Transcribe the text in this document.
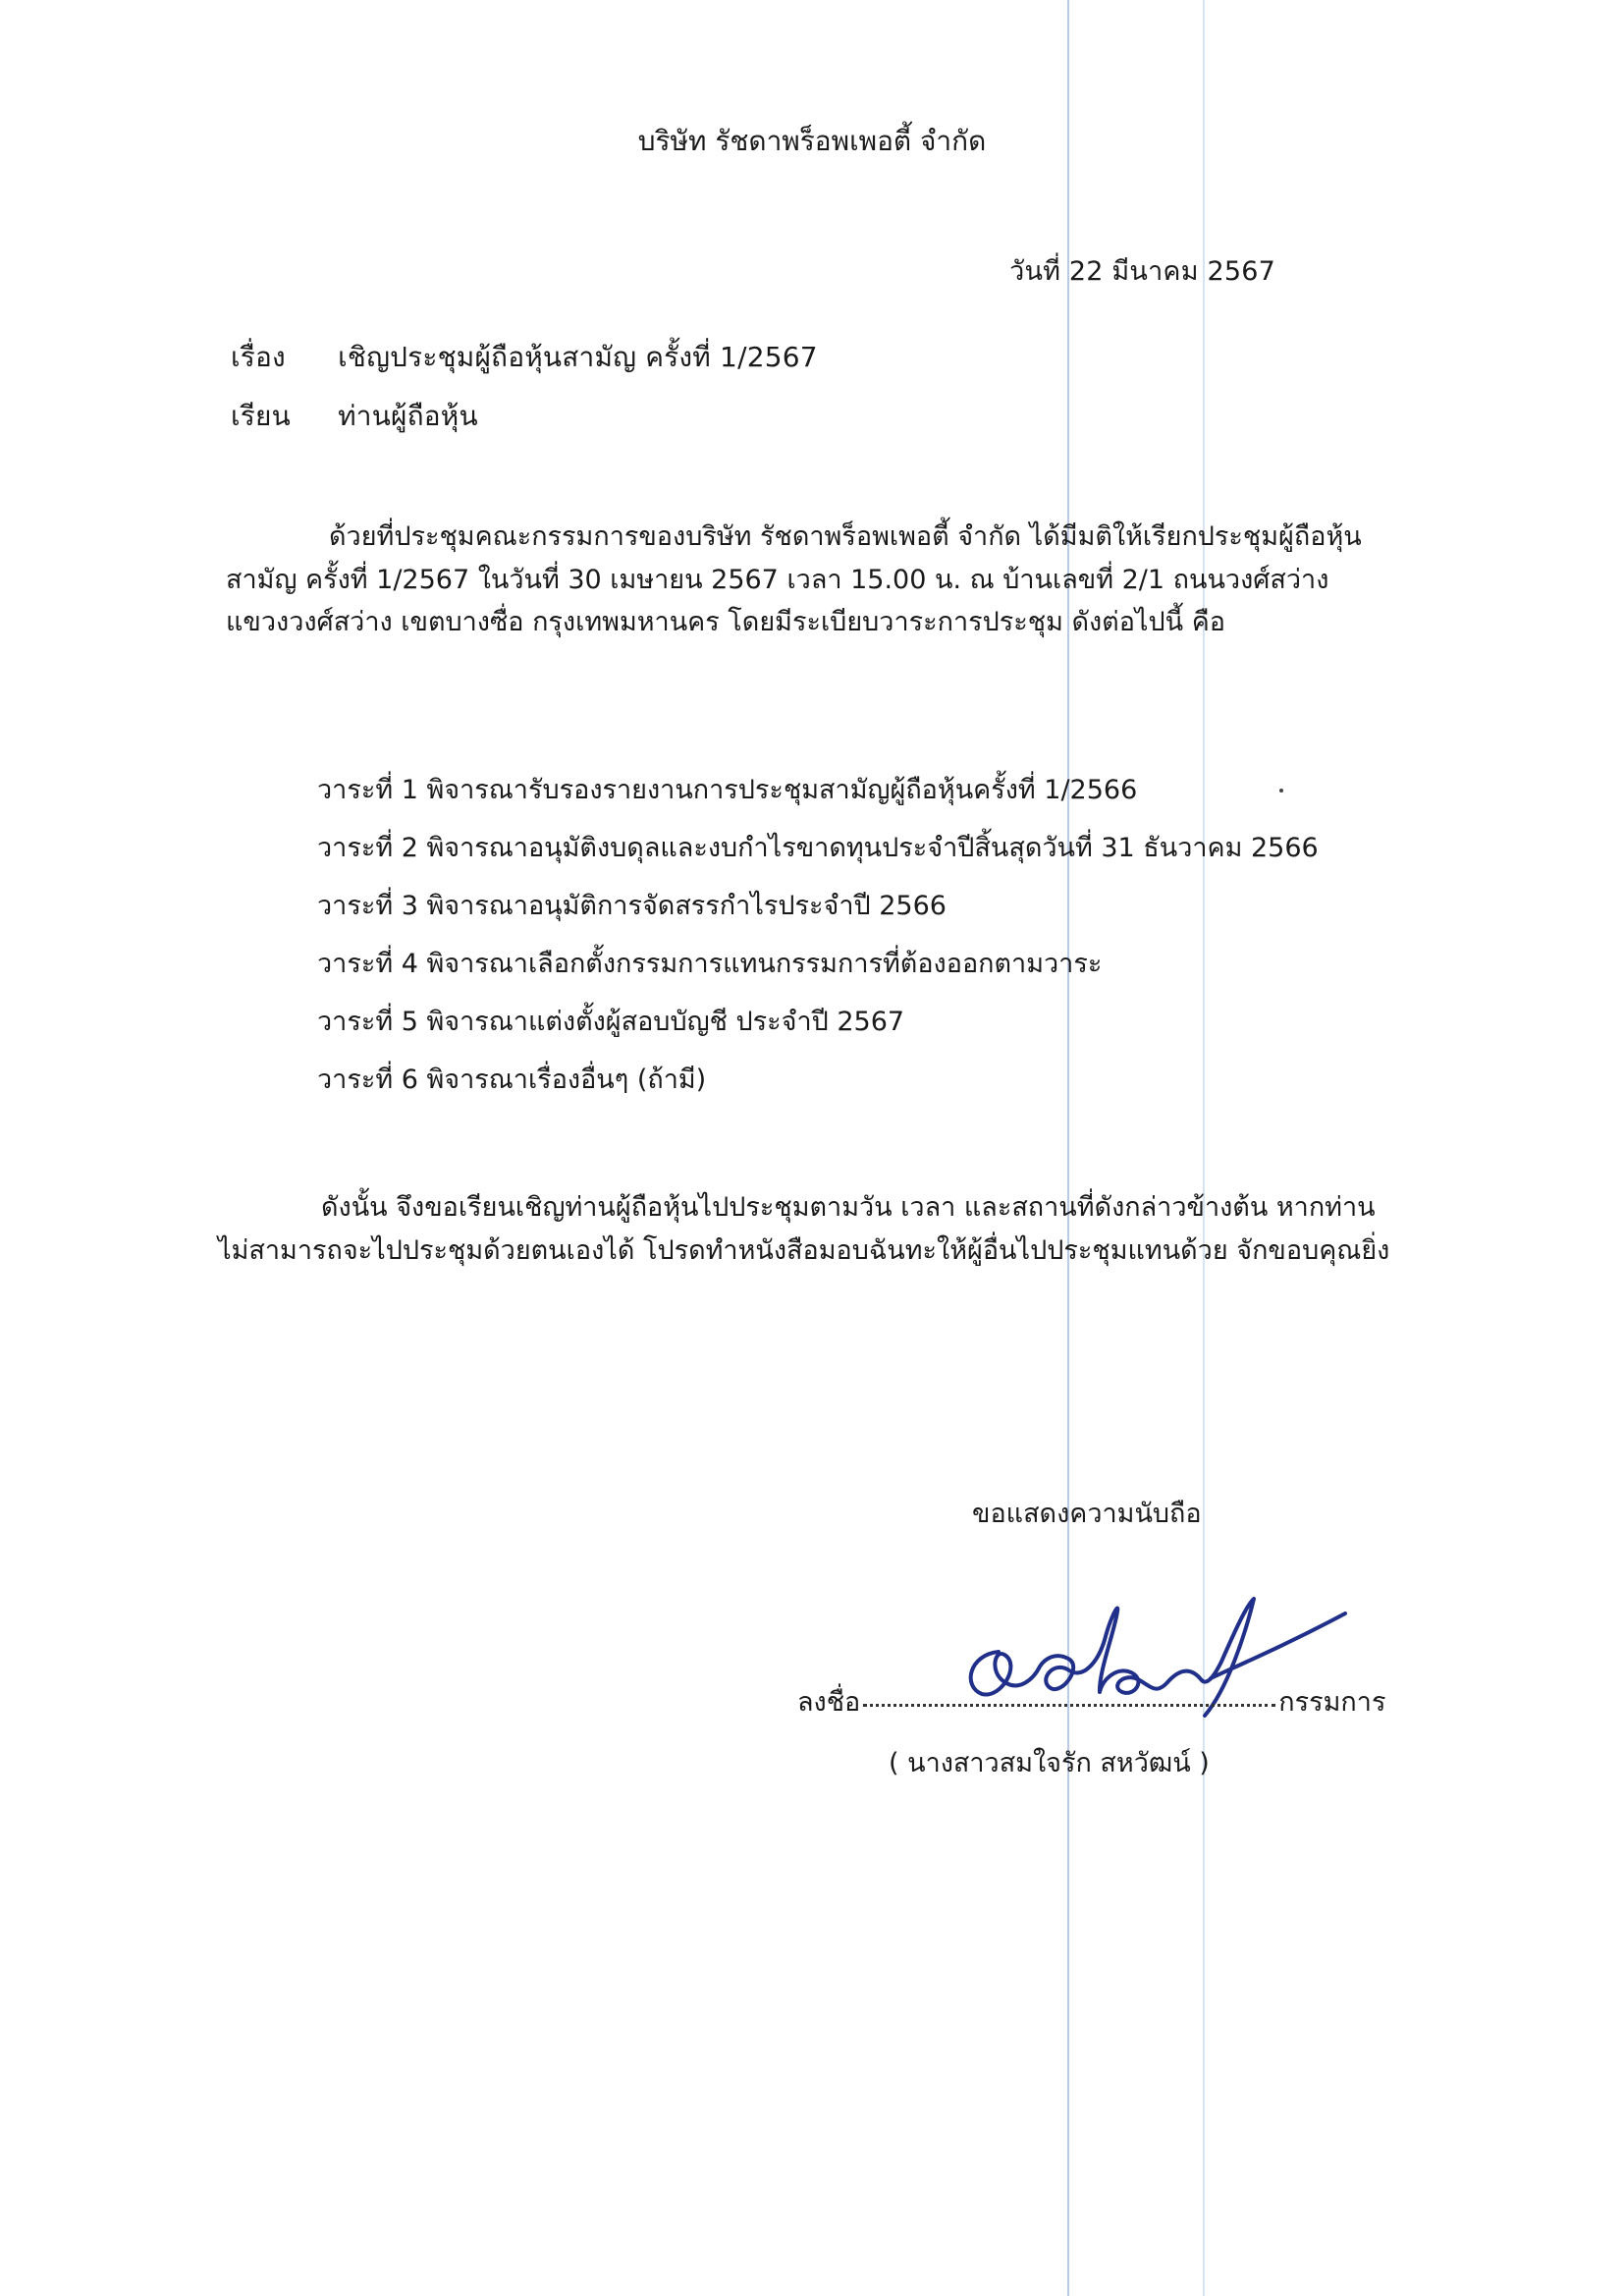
บริษัท รัชดาพร็อพเพอตี้ จำกัด
วันที่ 22 มีนาคม 2567
เรื่อง เชิญประชุมผู้ถือหุ้นสามัญ ครั้งที่ 1/2567
เรียน ท่านผู้ถือหุ้น
ด้วยที่ประชุมคณะกรรมการของบริษัท รัชดาพร็อพเพอตี้ จำกัด ได้มีมติให้เรียกประชุมผู้ถือหุ้นสามัญ ครั้งที่ 1/2567 ในวันที่ 30 เมษายน 2567 เวลา 15.00 น. ณ บ้านเลขที่ 2/1 ถนนวงศ์สว่าง แขวงวงศ์สว่าง เขตบางซื่อ กรุงเทพมหานคร โดยมีระเบียบวาระการประชุม ดังต่อไปนี้ คือ
วาระที่ 1 พิจารณารับรองรายงานการประชุมสามัญผู้ถือหุ้นครั้งที่ 1/2566
วาระที่ 2 พิจารณาอนุมัติงบดุลและงบกำไรขาดทุนประจำปีสิ้นสุดวันที่ 31 ธันวาคม 2566
วาระที่ 3 พิจารณาอนุมัติการจัดสรรกำไรประจำปี 2566
วาระที่ 4 พิจารณาเลือกตั้งกรรมการแทนกรรมการที่ต้องออกตามวาระ
วาระที่ 5 พิจารณาแต่งตั้งผู้สอบบัญชี ประจำปี 2567
วาระที่ 6 พิจารณาเรื่องอื่นๆ (ถ้ามี)
ดังนั้น จึงขอเรียนเชิญท่านผู้ถือหุ้นไปประชุมตามวัน เวลา และสถานที่ดังกล่าวข้างต้น หากท่านไม่สามารถจะไปประชุมด้วยตนเองได้ โปรดทำหนังสือมอบฉันทะให้ผู้อื่นไปประชุมแทนด้วย จักขอบคุณยิ่ง
ขอแสดงความนับถือ
ลงชื่อ	กรรมการ
( นางสาวสมใจรัก สหวัฒน์ )
